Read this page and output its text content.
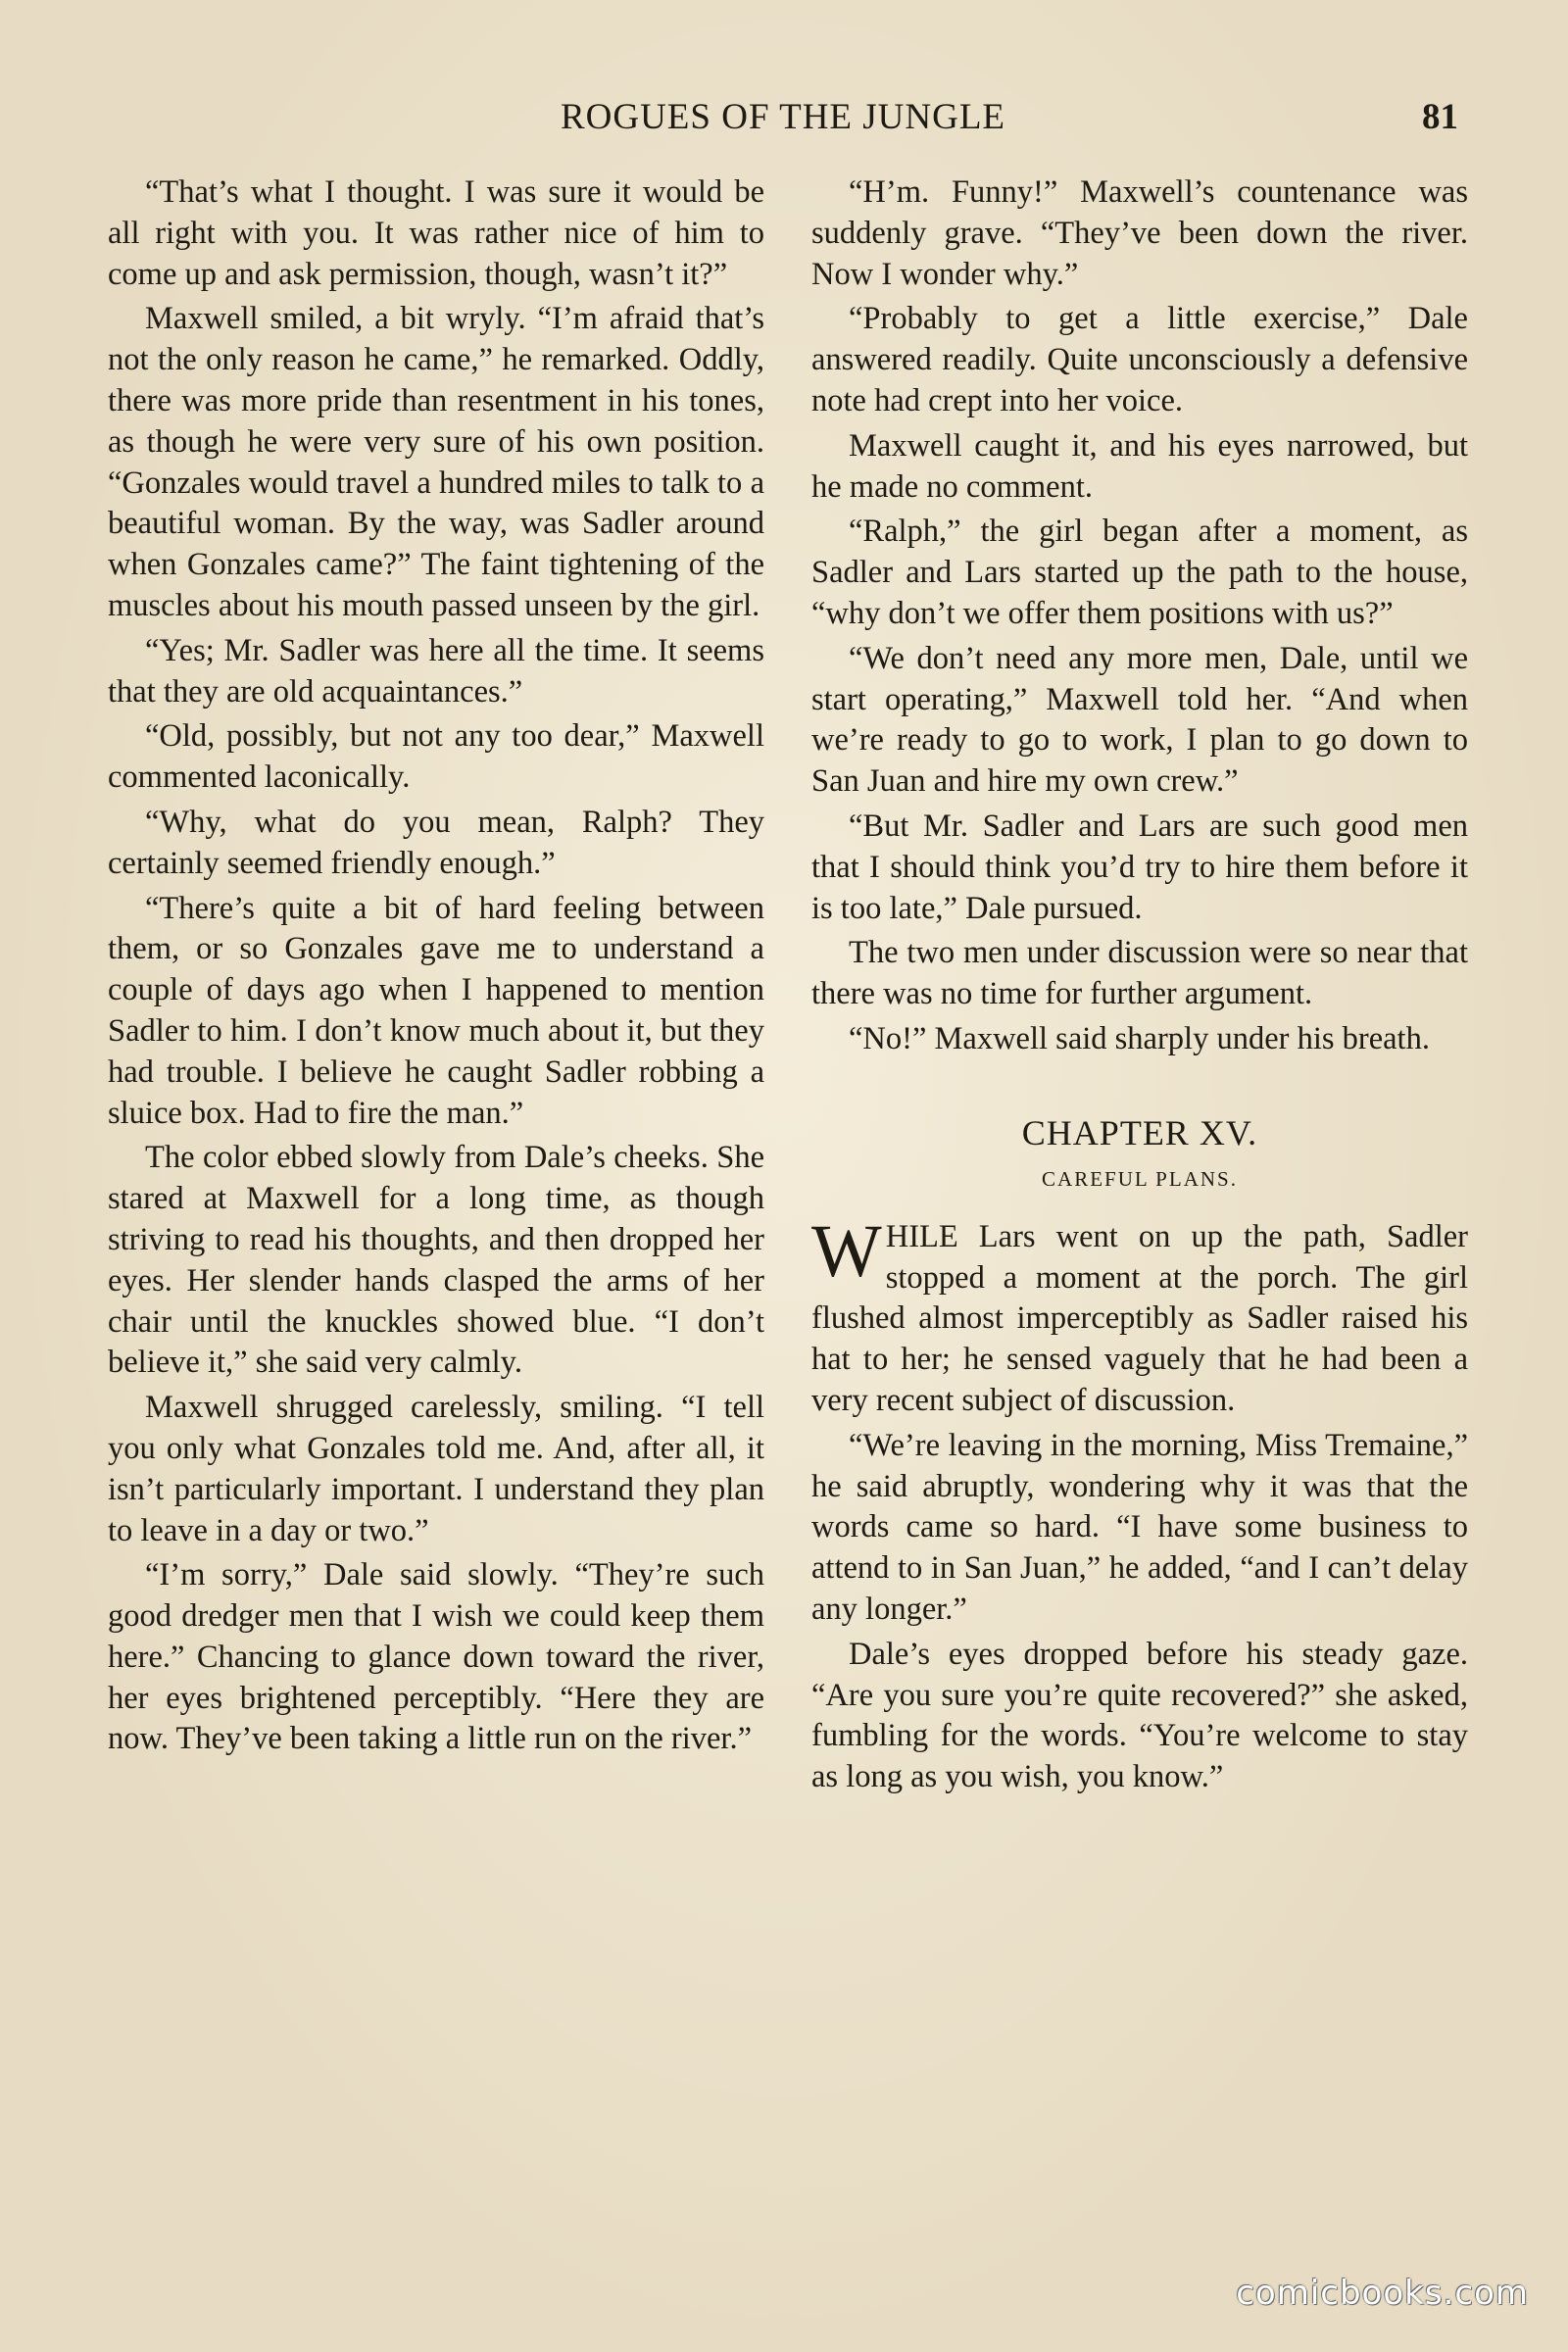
ROGUES OF THE JUNGLE	81

“That’s what I thought. I was sure it would be all right with you. It was rather nice of him to come up and ask permission, though, wasn’t it?”

Maxwell smiled, a bit wryly. “I’m afraid that’s not the only reason he came,” he remarked. Oddly, there was more pride than resentment in his tones, as though he were very sure of his own position. “Gonzales would travel a hundred miles to talk to a beautiful woman. By the way, was Sadler around when Gonzales came?” The faint tightening of the muscles about his mouth passed unseen by the girl.

“Yes; Mr. Sadler was here all the time. It seems that they are old acquaintances.”

“Old, possibly, but not any too dear,” Maxwell commented laconically.

“Why, what do you mean, Ralph? They certainly seemed friendly enough.”

“There’s quite a bit of hard feeling between them, or so Gonzales gave me to understand a couple of days ago when I happened to mention Sadler to him. I don’t know much about it, but they had trouble. I believe he caught Sadler robbing a sluice box. Had to fire the man.”

The color ebbed slowly from Dale’s cheeks. She stared at Maxwell for a long time, as though striving to read his thoughts, and then dropped her eyes. Her slender hands clasped the arms of her chair until the knuckles showed blue. “I don’t believe it,” she said very calmly.

Maxwell shrugged carelessly, smiling. “I tell you only what Gonzales told me. And, after all, it isn’t particularly important. I understand they plan to leave in a day or two.”

“I’m sorry,” Dale said slowly. “They’re such good dredger men that I wish we could keep them here.” Chancing to glance down toward the river, her eyes brightened perceptibly. “Here they are now. They’ve been taking a little run on the river.”

“H’m. Funny!” Maxwell’s countenance was suddenly grave. “They’ve been down the river. Now I wonder why.”

“Probably to get a little exercise,” Dale answered readily. Quite unconsciously a defensive note had crept into her voice.

Maxwell caught it, and his eyes narrowed, but he made no comment.

“Ralph,” the girl began after a moment, as Sadler and Lars started up the path to the house, “why don’t we offer them positions with us?”

“We don’t need any more men, Dale, until we start operating,” Maxwell told her. “And when we’re ready to go to work, I plan to go down to San Juan and hire my own crew.”

“But Mr. Sadler and Lars are such good men that I should think you’d try to hire them before it is too late,” Dale pursued.

The two men under discussion were so near that there was no time for further argument.

“No!” Maxwell said sharply under his breath.

CHAPTER XV.
CAREFUL PLANS.

WHILE Lars went on up the path, Sadler stopped a moment at the porch. The girl flushed almost imperceptibly as Sadler raised his hat to her; he sensed vaguely that he had been a very recent subject of discussion.

“We’re leaving in the morning, Miss Tremaine,” he said abruptly, wondering why it was that the words came so hard. “I have some business to attend to in San Juan,” he added, “and I can’t delay any longer.”

Dale’s eyes dropped before his steady gaze. “Are you sure you’re quite recovered?” she asked, fumbling for the words. “You’re welcome to stay as long as you wish, you know.”

comicbooks.com
